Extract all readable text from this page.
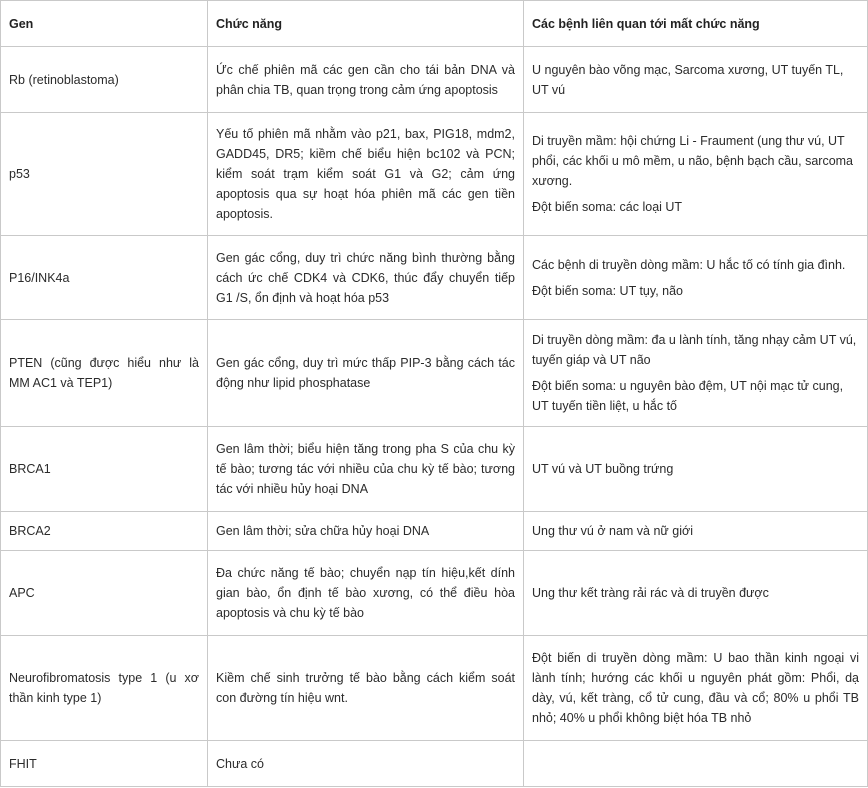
Gen	Chức năng	Các bệnh liên quan tới mất chức năng
Rb (retinoblastoma)	Ức chế phiên mã các gen cần cho tái bản DNA và phân chia TB, quan trọng trong cảm ứng apoptosis	U nguyên bào võng mạc, Sarcoma xương, UT tuyến TL, UT vú

p53	Yếu tố phiên mã nhằm vào p21, bax, PIG18, mdm2, GADD45, DR5; kiềm chế biểu hiện bc102 và PCN; kiểm soát trạm kiểm soát G1 và G2; cảm ứng apoptosis qua sự hoạt hóa phiên mã các gen tiền apoptosis.	Di truyền mầm: hội chứng Li - Fraument (ung thư vú, UT phổi, các khối u mô mềm, u não, bệnh bạch cầu, sarcoma xương.

Đột biến soma: các loại UT

P16/INK4a	Gen gác cổng, duy trì chức năng bình thường bằng cách ức chế CDK4 và CDK6, thúc đẩy chuyển tiếp G1 /S, ổn định và hoạt hóa p53	Các bệnh di truyền dòng mầm: U hắc tố có tính gia đình.

Đột biến soma: UT tụy, não

PTEN (cũng được hiểu như là MM AC1 và TEP1)	Gen gác cổng, duy trì mức thấp PIP-3 bằng cách tác động như lipid phosphatase	Di truyền dòng mầm: đa u lành tính, tăng nhạy cảm UT vú, tuyến giáp và UT não

Đột biến soma: u nguyên bào đệm, UT nội mạc tử cung, UT tuyến tiền liệt, u hắc tố

BRCA1	Gen lâm thời; biểu hiện tăng trong pha S của chu kỳ tế bào; tương tác với nhiều của chu kỳ tế bào; tương tác với nhiều hủy hoại DNA	UT vú và UT buồng trứng

BRCA2	Gen lâm thời; sửa chữa hủy hoại DNA	Ung thư vú ở nam và nữ giới

APC	Đa chức năng tế bào; chuyển nạp tín hiệu,kết dính gian bào, ổn định tế bào xương, có thể điều hòa apoptosis và chu kỳ tế bào	Ung thư kết tràng rải rác và di truyền được

Neurofibromatosis type 1 (u xơ thần kinh type 1)	Kiềm chế sinh trưởng tế bào bằng cách kiểm soát con đường tín hiệu wnt.	Đột biến di truyền dòng mầm: U bao thần kinh ngoại vi lành tính; hướng các khối u nguyên phát gồm: Phổi, dạ dày, vú, kết tràng, cổ tử cung, đầu và cổ; 80% u phổi TB nhỏ; 40% u phổi không biệt hóa TB nhỏ

FHIT	Chưa có	
